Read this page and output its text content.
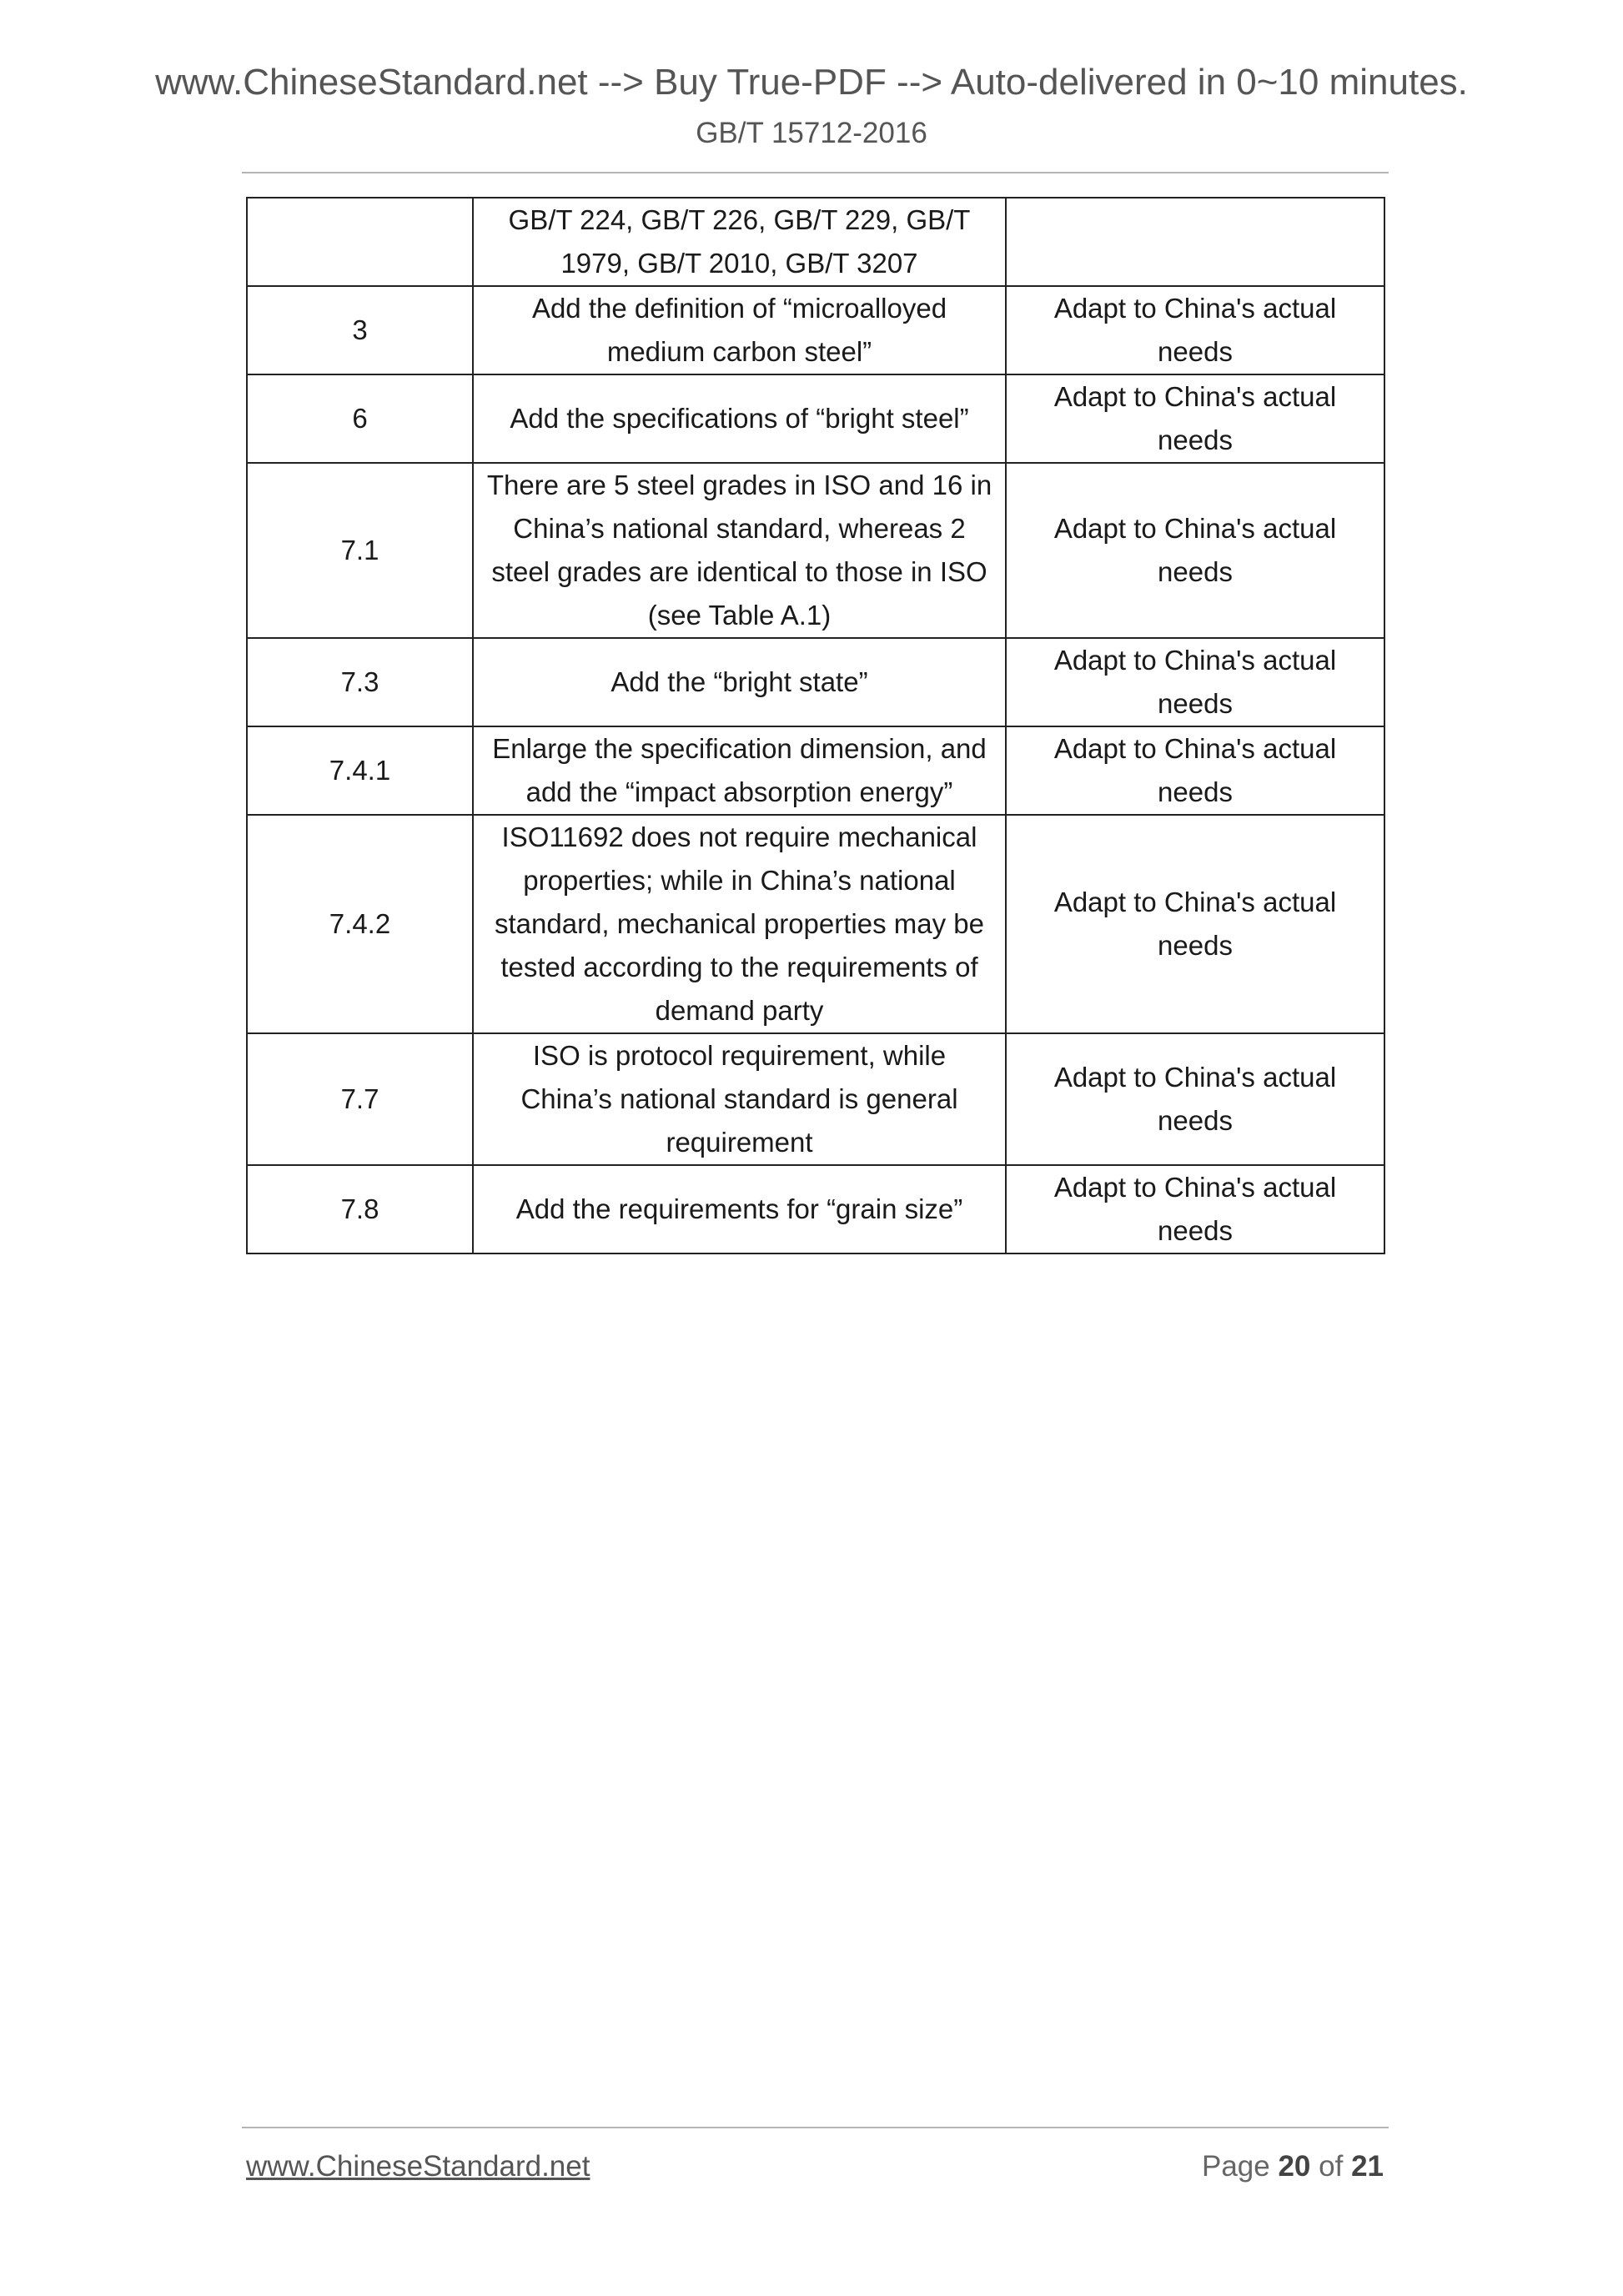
www.ChineseStandard.net --> Buy True-PDF --> Auto-delivered in 0~10 minutes.
GB/T 15712-2016
	GB/T 224, GB/T 226, GB/T 229, GB/T 1979, GB/T 2010, GB/T 3207	
3	Add the definition of “microalloyed medium carbon steel”	Adapt to China's actual needs
6	Add the specifications of “bright steel”	Adapt to China's actual needs
7.1	There are 5 steel grades in ISO and 16 in China’s national standard, whereas 2 steel grades are identical to those in ISO (see Table A.1)	Adapt to China's actual needs
7.3	Add the “bright state”	Adapt to China's actual needs
7.4.1	Enlarge the specification dimension, and add the “impact absorption energy”	Adapt to China's actual needs
7.4.2	ISO11692 does not require mechanical properties; while in China’s national standard, mechanical properties may be tested according to the requirements of demand party	Adapt to China's actual needs
7.7	ISO is protocol requirement, while China’s national standard is general requirement	Adapt to China's actual needs
7.8	Add the requirements for “grain size”	Adapt to China's actual needs
www.ChineseStandard.net	Page 20 of 21
